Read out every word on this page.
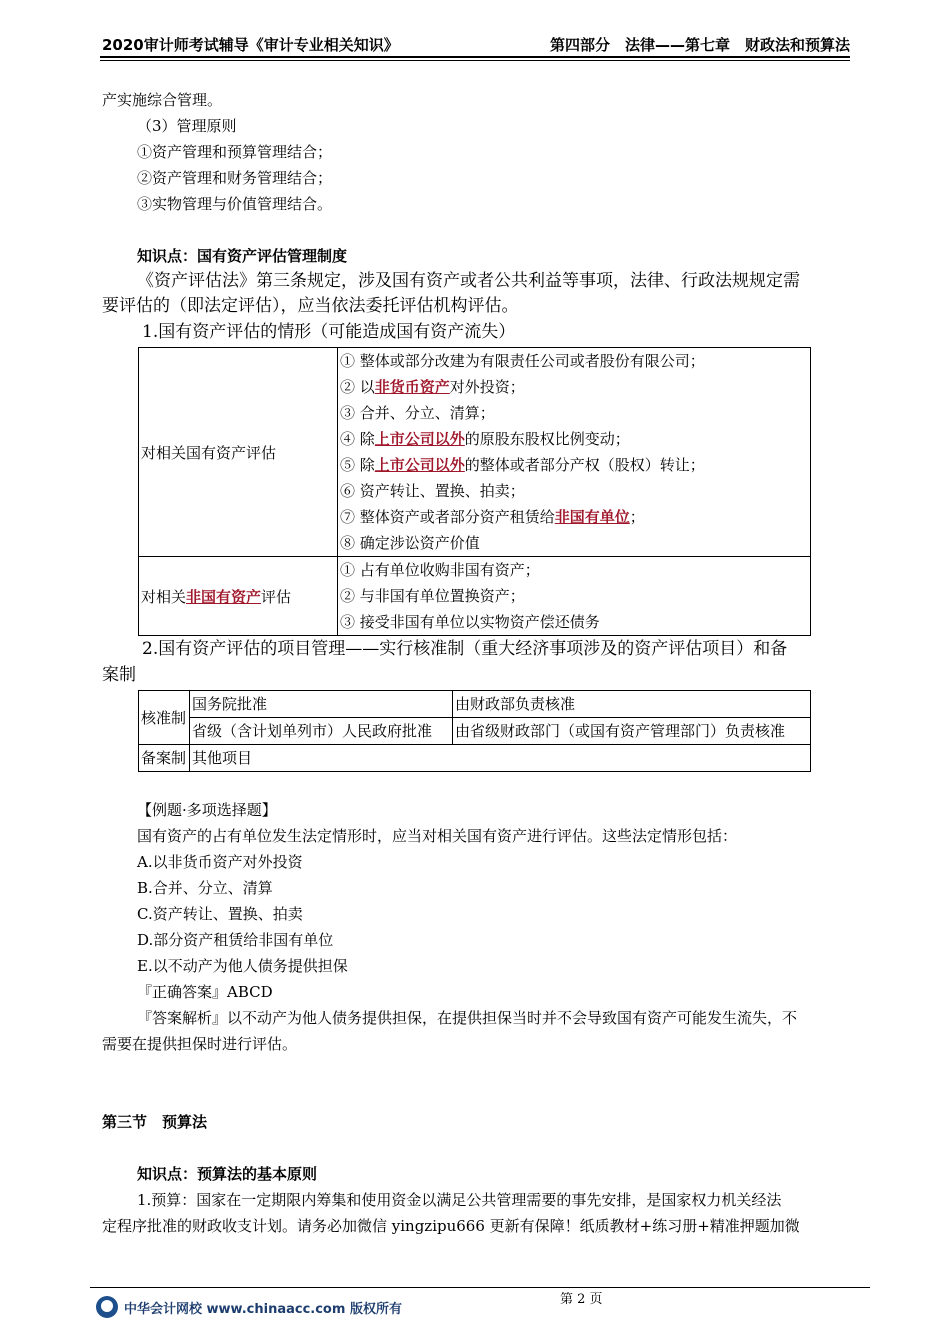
2020审计师考试辅导《审计专业相关知识》	第四部分　法律——第七章　财政法和预算法
产实施综合管理。
（3）管理原则
①资产管理和预算管理结合；
②资产管理和财务管理结合；
③实物管理与价值管理结合。
知识点：国有资产评估管理制度
《资产评估法》第三条规定，涉及国有资产或者公共利益等事项，法律、行政法规规定需
要评估的（即法定评估），应当依法委托评估机构评估。
1.国有资产评估的情形（可能造成国有资产流失）
对相关国有资产评估	① 整体或部分改建为有限责任公司或者股份有限公司；
	② 以非货币资产对外投资；
	③ 合并、分立、清算；
	④ 除上市公司以外的原股东股权比例变动；
	⑤ 除上市公司以外的整体或者部分产权（股权）转让；
	⑥ 资产转让、置换、拍卖；
	⑦ 整体资产或者部分资产租赁给非国有单位；
	⑧ 确定涉讼资产价值
对相关非国有资产评估	① 占有单位收购非国有资产；
	② 与非国有单位置换资产；
	③ 接受非国有单位以实物资产偿还债务
2.国有资产评估的项目管理——实行核准制（重大经济事项涉及的资产评估项目）和备
案制
核准制	国务院批准	由财政部负责核准
	省级（含计划单列市）人民政府批准	由省级财政部门（或国有资产管理部门）负责核准
备案制	其他项目	
【例题·多项选择题】
国有资产的占有单位发生法定情形时，应当对相关国有资产进行评估。这些法定情形包括：
A.以非货币资产对外投资
B.合并、分立、清算
C.资产转让、置换、拍卖
D.部分资产租赁给非国有单位
E.以不动产为他人债务提供担保
『正确答案』ABCD
『答案解析』以不动产为他人债务提供担保，在提供担保当时并不会导致国有资产可能发生流失，不
需要在提供担保时进行评估。
第三节　预算法
知识点：预算法的基本原则
1.预算：国家在一定期限内筹集和使用资金以满足公共管理需要的事先安排，是国家权力机关经法
定程序批准的财政收支计划。请务必加微信 yingzipu666 更新有保障！纸质教材+练习册+精准押题加微
第 2 页
中华会计网校 www.chinaacc.com 版权所有
